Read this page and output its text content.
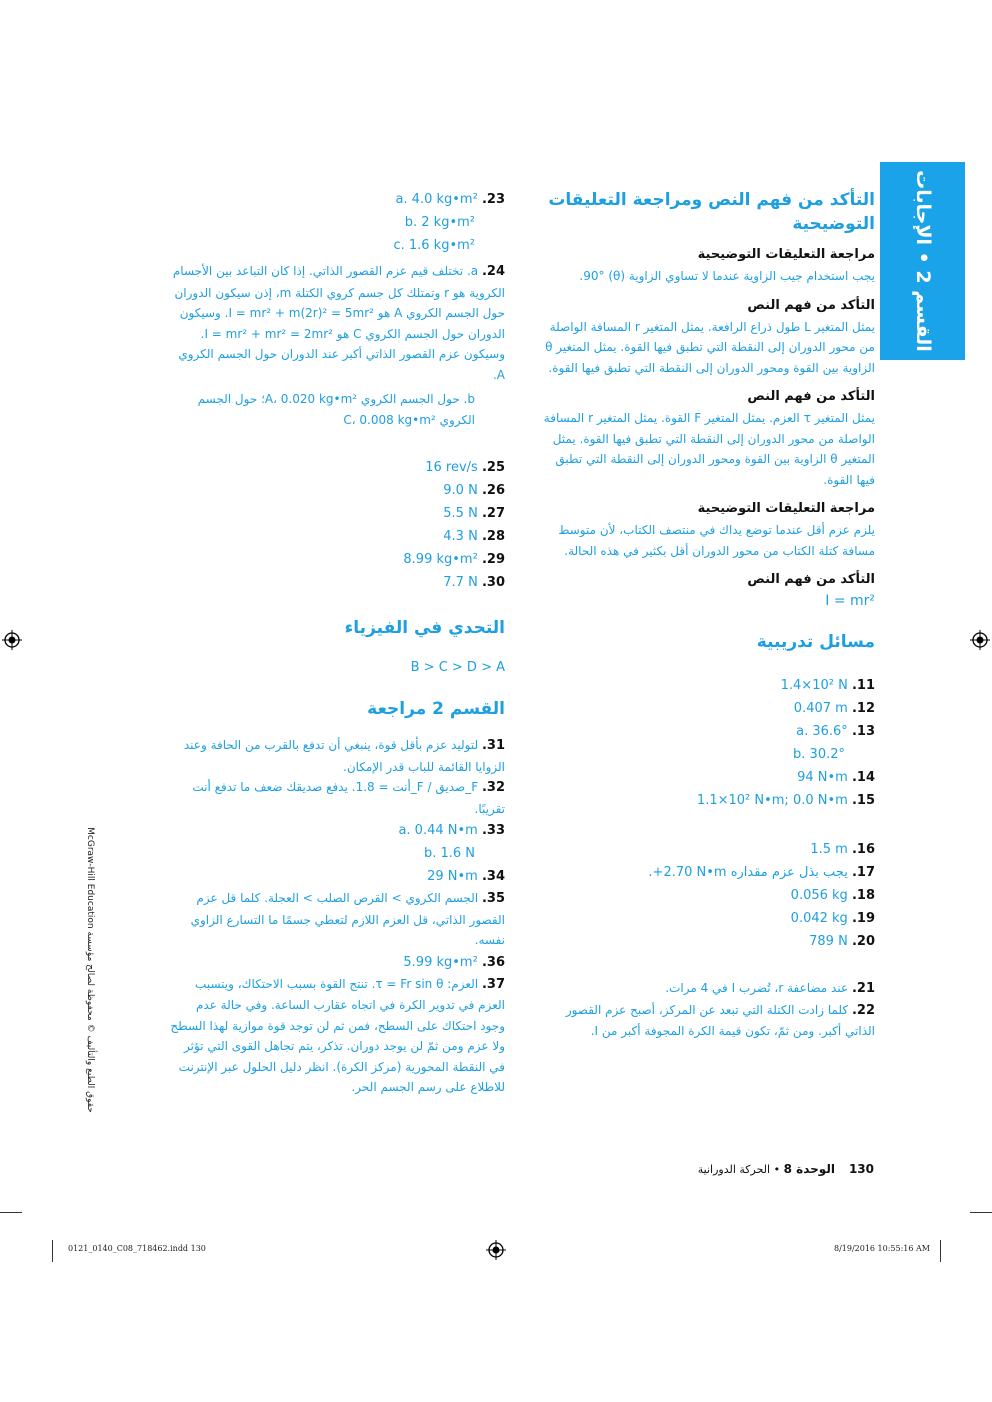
القسم 2 • الإجابات
التأكد من فهم النص ومراجعة التعليقات التوضيحية
مراجعة التعليقات التوضيحية

يجب استخدام جيب الزاوية عندما لا تساوي الزاوية (θ) ‎90°.

التأكد من فهم النص

يمثل المتغير L طول ذراع الرافعة. يمثل المتغير r المسافة الواصلة من محور الدوران إلى النقطة التي تطبق فيها القوة. يمثل المتغير θ الزاوية بين القوة ومحور الدوران إلى النقطة التي تطبق فيها القوة.

التأكد من فهم النص

يمثل المتغير τ العزم. يمثل المتغير F القوة. يمثل المتغير r المسافة الواصلة من محور الدوران إلى النقطة التي تطبق فيها القوة. يمثل المتغير θ الزاوية بين القوة ومحور الدوران إلى النقطة التي تطبق فيها القوة.

مراجعة التعليقات التوضيحية

يلزم عزم أقل عندما توضع يداك في منتصف الكتاب، لأن متوسط مسافة كتلة الكتاب من محور الدوران أقل بكثير في هذه الحالة.

التأكد من فهم النص

I = mr²

مسائل تدريبية

11. 1.4×10² N

12. 0.407 m

13. a. 36.6°

b. 30.2°

14. 94 N•m

15. 1.1×10² N•m; 0.0 N•m

16. 1.5 m

17. يجب بذل عزم مقداره ‎+2.70 N•m.

18. 0.056 kg

19. 0.042 kg

20. 789 N

21. عند مضاعفة r، تُضرب I في 4 مرات.

22. كلما زادت الكتلة التي تبعد عن المركز، أصبح عزم القصور الذاتي أكبر. ومن ثمّ، تكون قيمة الكرة المجوفة أكبر من I.

23. a. 4.0 kg•m²

b. 2 kg•m²

c. 1.6 kg•m²

24. a. تختلف قيم عزم القصور الذاتي. إذا كان التباعد بين الأجسام الكروية هو r وتمتلك كل جسم كروي الكتلة m، إذن سيكون الدوران حول الجسم الكروي A هو I = mr² + m(2r)² = 5mr². وسيكون الدوران حول الجسم الكروي C هو I = mr² + mr² = 2mr². وسيكون عزم القصور الذاتي أكبر عند الدوران حول الجسم الكروي A.

b. حول الجسم الكروي A، ‎0.020 kg•m²؛ حول الجسم الكروي C، ‎0.008 kg•m²

25. 16 rev/s

26. 9.0 N

27. 5.5 N

28. 4.3 N

29. 8.99 kg•m²

30. 7.7 N

التحدي في الفيزياء

B > C > D > A

القسم 2 مراجعة

31. لتوليد عزم بأقل قوة، ينبغي أن تدفع بالقرب من الحافة وعند الزوايا القائمة للباب قدر الإمكان.

32. F_صديق / F_أنت = 1.8. يدفع صديقك ضعف ما تدفع أنت تقريبًا.

33. a. 0.44 N•m

b. 1.6 N

34. 29 N•m

35. الجسم الكروي > القرص الصلب > العجلة. كلما قل عزم القصور الذاتي، قل العزم اللازم لتعطي جسمًا ما التسارع الزاوي نفسه.

36. 5.99 kg•m²

37. العزم: τ = Fr sin θ. تنتج القوة بسبب الاحتكاك، ويتسبب العزم في تدوير الكرة في اتجاه عقارب الساعة. وفي حالة عدم وجود احتكاك على السطح، فمن ثم لن توجد قوة موازية لهذا السطح ولا عزم ومن ثمّ لن يوجد دوران. تذكر، يتم تجاهل القوى التي تؤثر في النقطة المحورية (مركز الكرة). انظر دليل الحلول عبر الإنترنت للاطلاع على رسم الجسم الحر.

حقوق الطبع والتأليف © محفوظة لصالح مؤسسة McGraw-Hill Education
130    الوحدة 8 • الحركة الدورانية
0121_0140_C08_718462.indd 130	8/19/2016 10:55:16 AM
